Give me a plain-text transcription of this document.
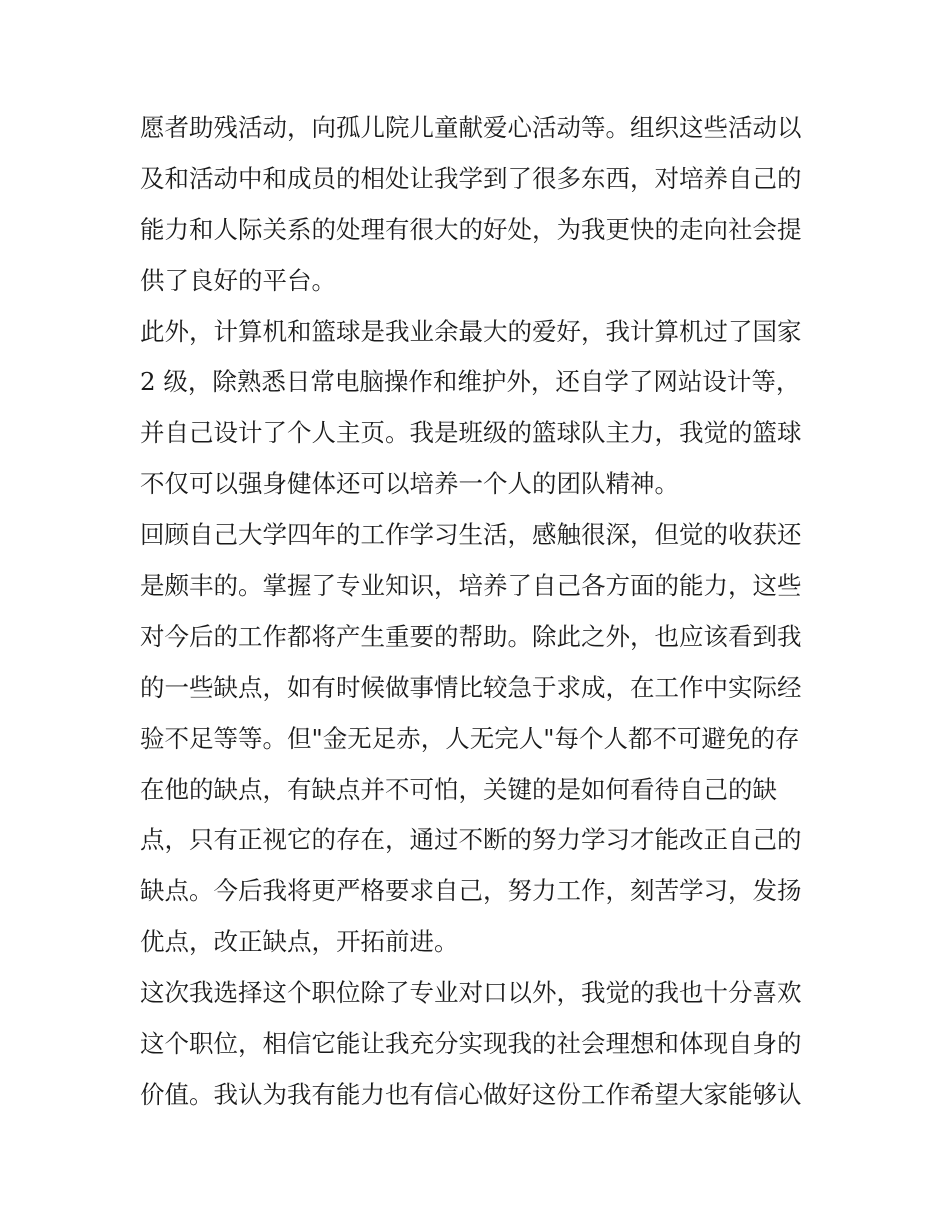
愿者助残活动，向孤儿院儿童献爱心活动等。组织这些活动以
及和活动中和成员的相处让我学到了很多东西，对培养自己的
能力和人际关系的处理有很大的好处，为我更快的走向社会提
供了良好的平台。
此外，计算机和篮球是我业余最大的爱好，我计算机过了国家
2 级，除熟悉日常电脑操作和维护外，还自学了网站设计等，
并自己设计了个人主页。我是班级的篮球队主力，我觉的篮球
不仅可以强身健体还可以培养一个人的团队精神。
回顾自己大学四年的工作学习生活，感触很深，但觉的收获还
是颇丰的。掌握了专业知识，培养了自己各方面的能力，这些
对今后的工作都将产生重要的帮助。除此之外，也应该看到我
的一些缺点，如有时候做事情比较急于求成，在工作中实际经
验不足等等。但"金无足赤，人无完人"每个人都不可避免的存
在他的缺点，有缺点并不可怕，关键的是如何看待自己的缺
点，只有正视它的存在，通过不断的努力学习才能改正自己的
缺点。今后我将更严格要求自己，努力工作，刻苦学习，发扬
优点，改正缺点，开拓前进。
这次我选择这个职位除了专业对口以外，我觉的我也十分喜欢
这个职位，相信它能让我充分实现我的社会理想和体现自身的
价值。我认为我有能力也有信心做好这份工作希望大家能够认
